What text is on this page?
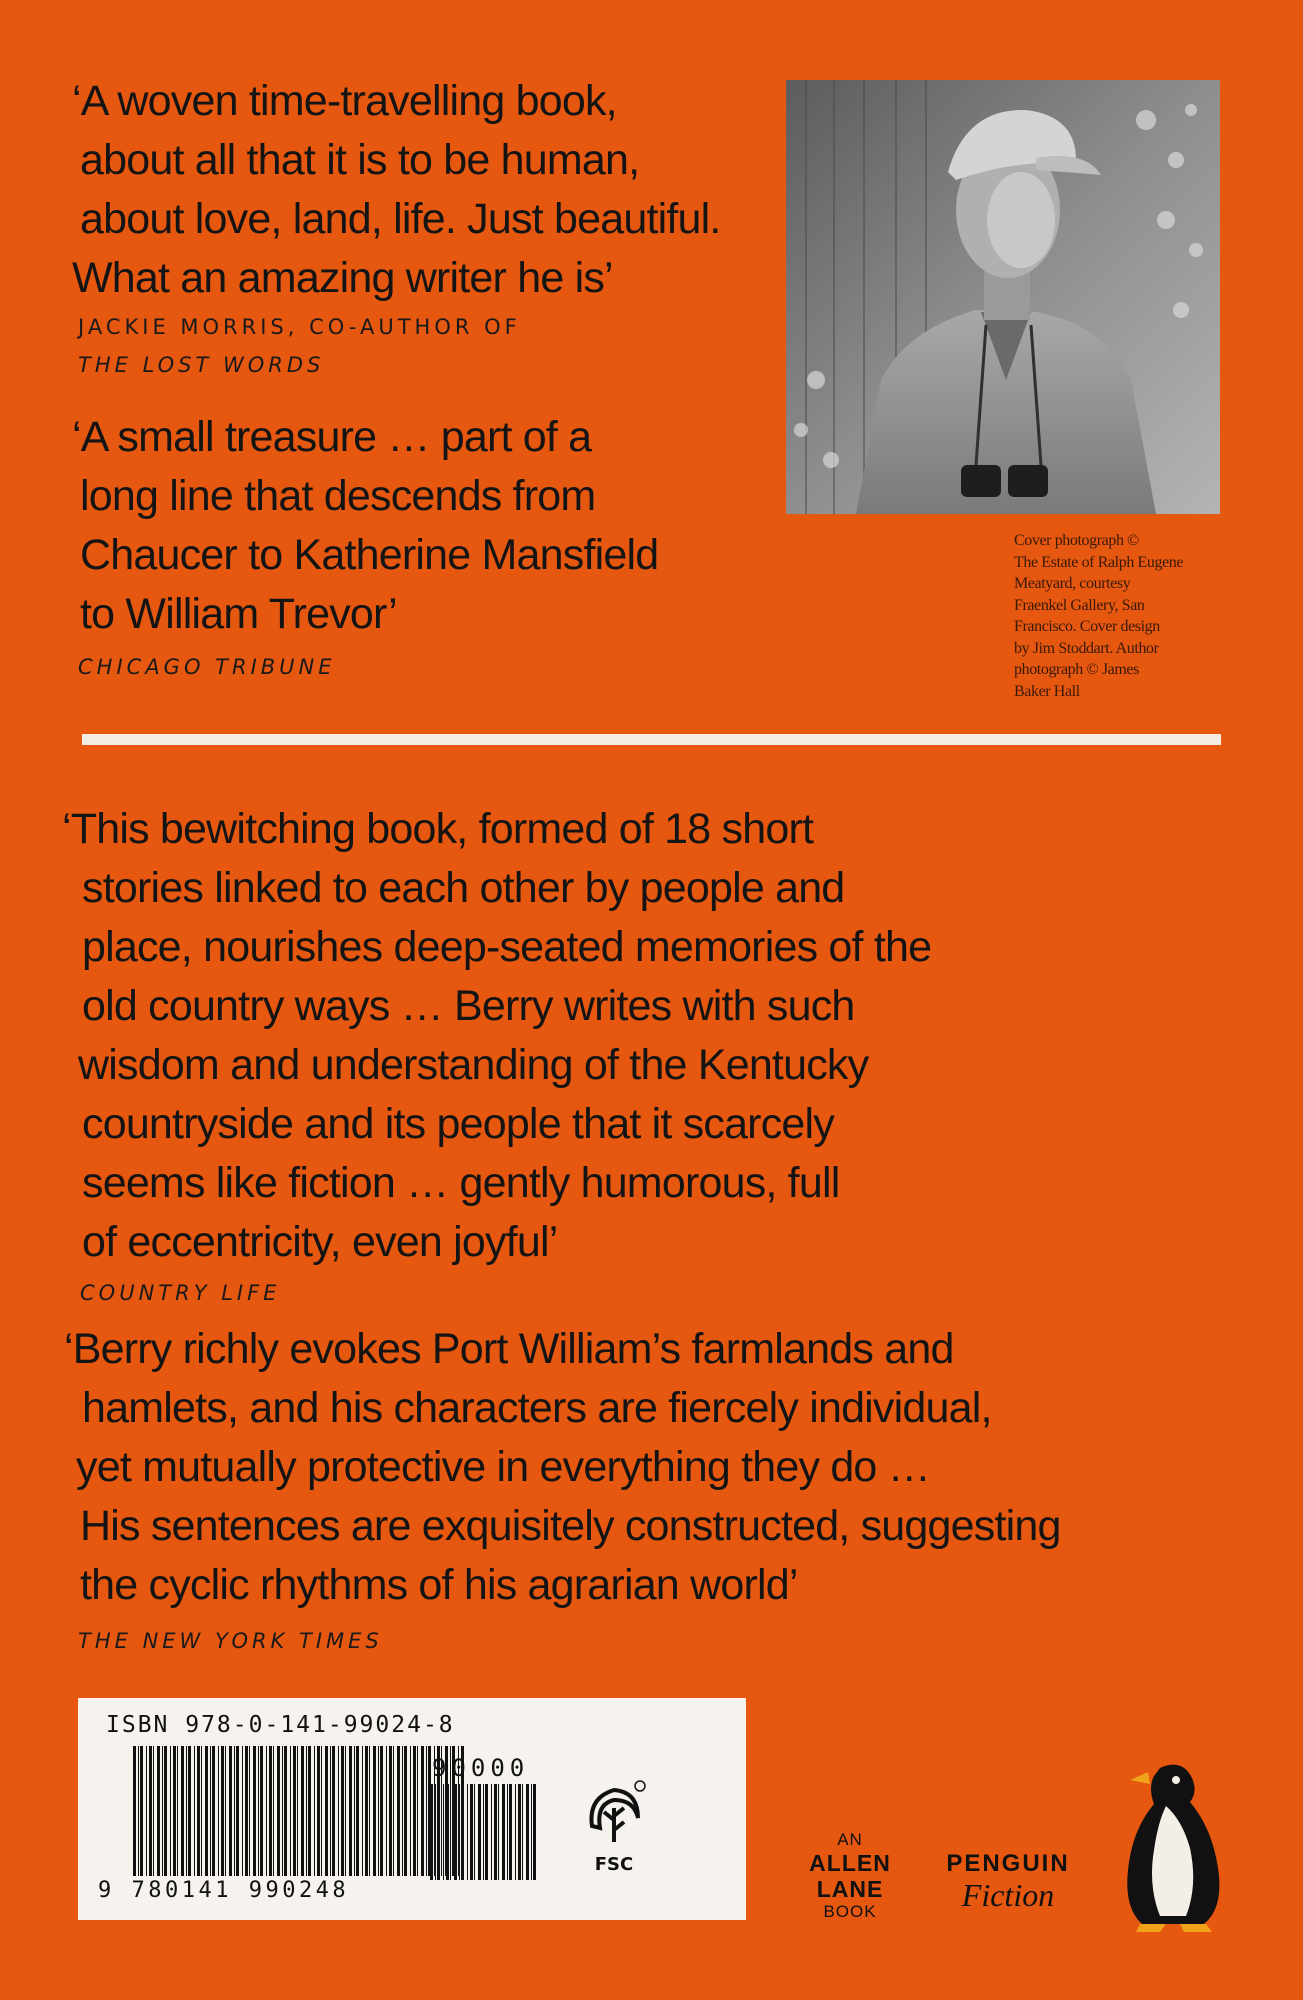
‘A woven time-travelling book,
about all that it is to be human,
about love, land, life. Just beautiful.
What an amazing writer he is’
JACKIE MORRIS, CO-AUTHOR OF
THE LOST WORDS
‘A small treasure … part of a
long line that descends from
Chaucer to Katherine Mansfield
to William Trevor’
CHICAGO TRIBUNE
Cover photograph ©
The Estate of Ralph Eugene
Meatyard, courtesy
Fraenkel Gallery, San
Francisco. Cover design
by Jim Stoddart. Author
photograph © James
Baker Hall
‘This bewitching book, formed of 18 short
stories linked to each other by people and
place, nourishes deep-seated memories of the
old country ways … Berry writes with such
wisdom and understanding of the Kentucky
countryside and its people that it scarcely
seems like fiction … gently humorous, full
of eccentricity, even joyful’
COUNTRY LIFE
‘Berry richly evokes Port William’s farmlands and
hamlets, and his characters are fiercely individual,
yet mutually protective in everything they do …
His sentences are exquisitely constructed, suggesting
the cyclic rhythms of his agrarian world’
THE NEW YORK TIMES
ISBN 978-0-141-99024-8
90000
9 780141 990248
FSC
AN
ALLEN
LANE
BOOK
PENGUIN
Fiction
